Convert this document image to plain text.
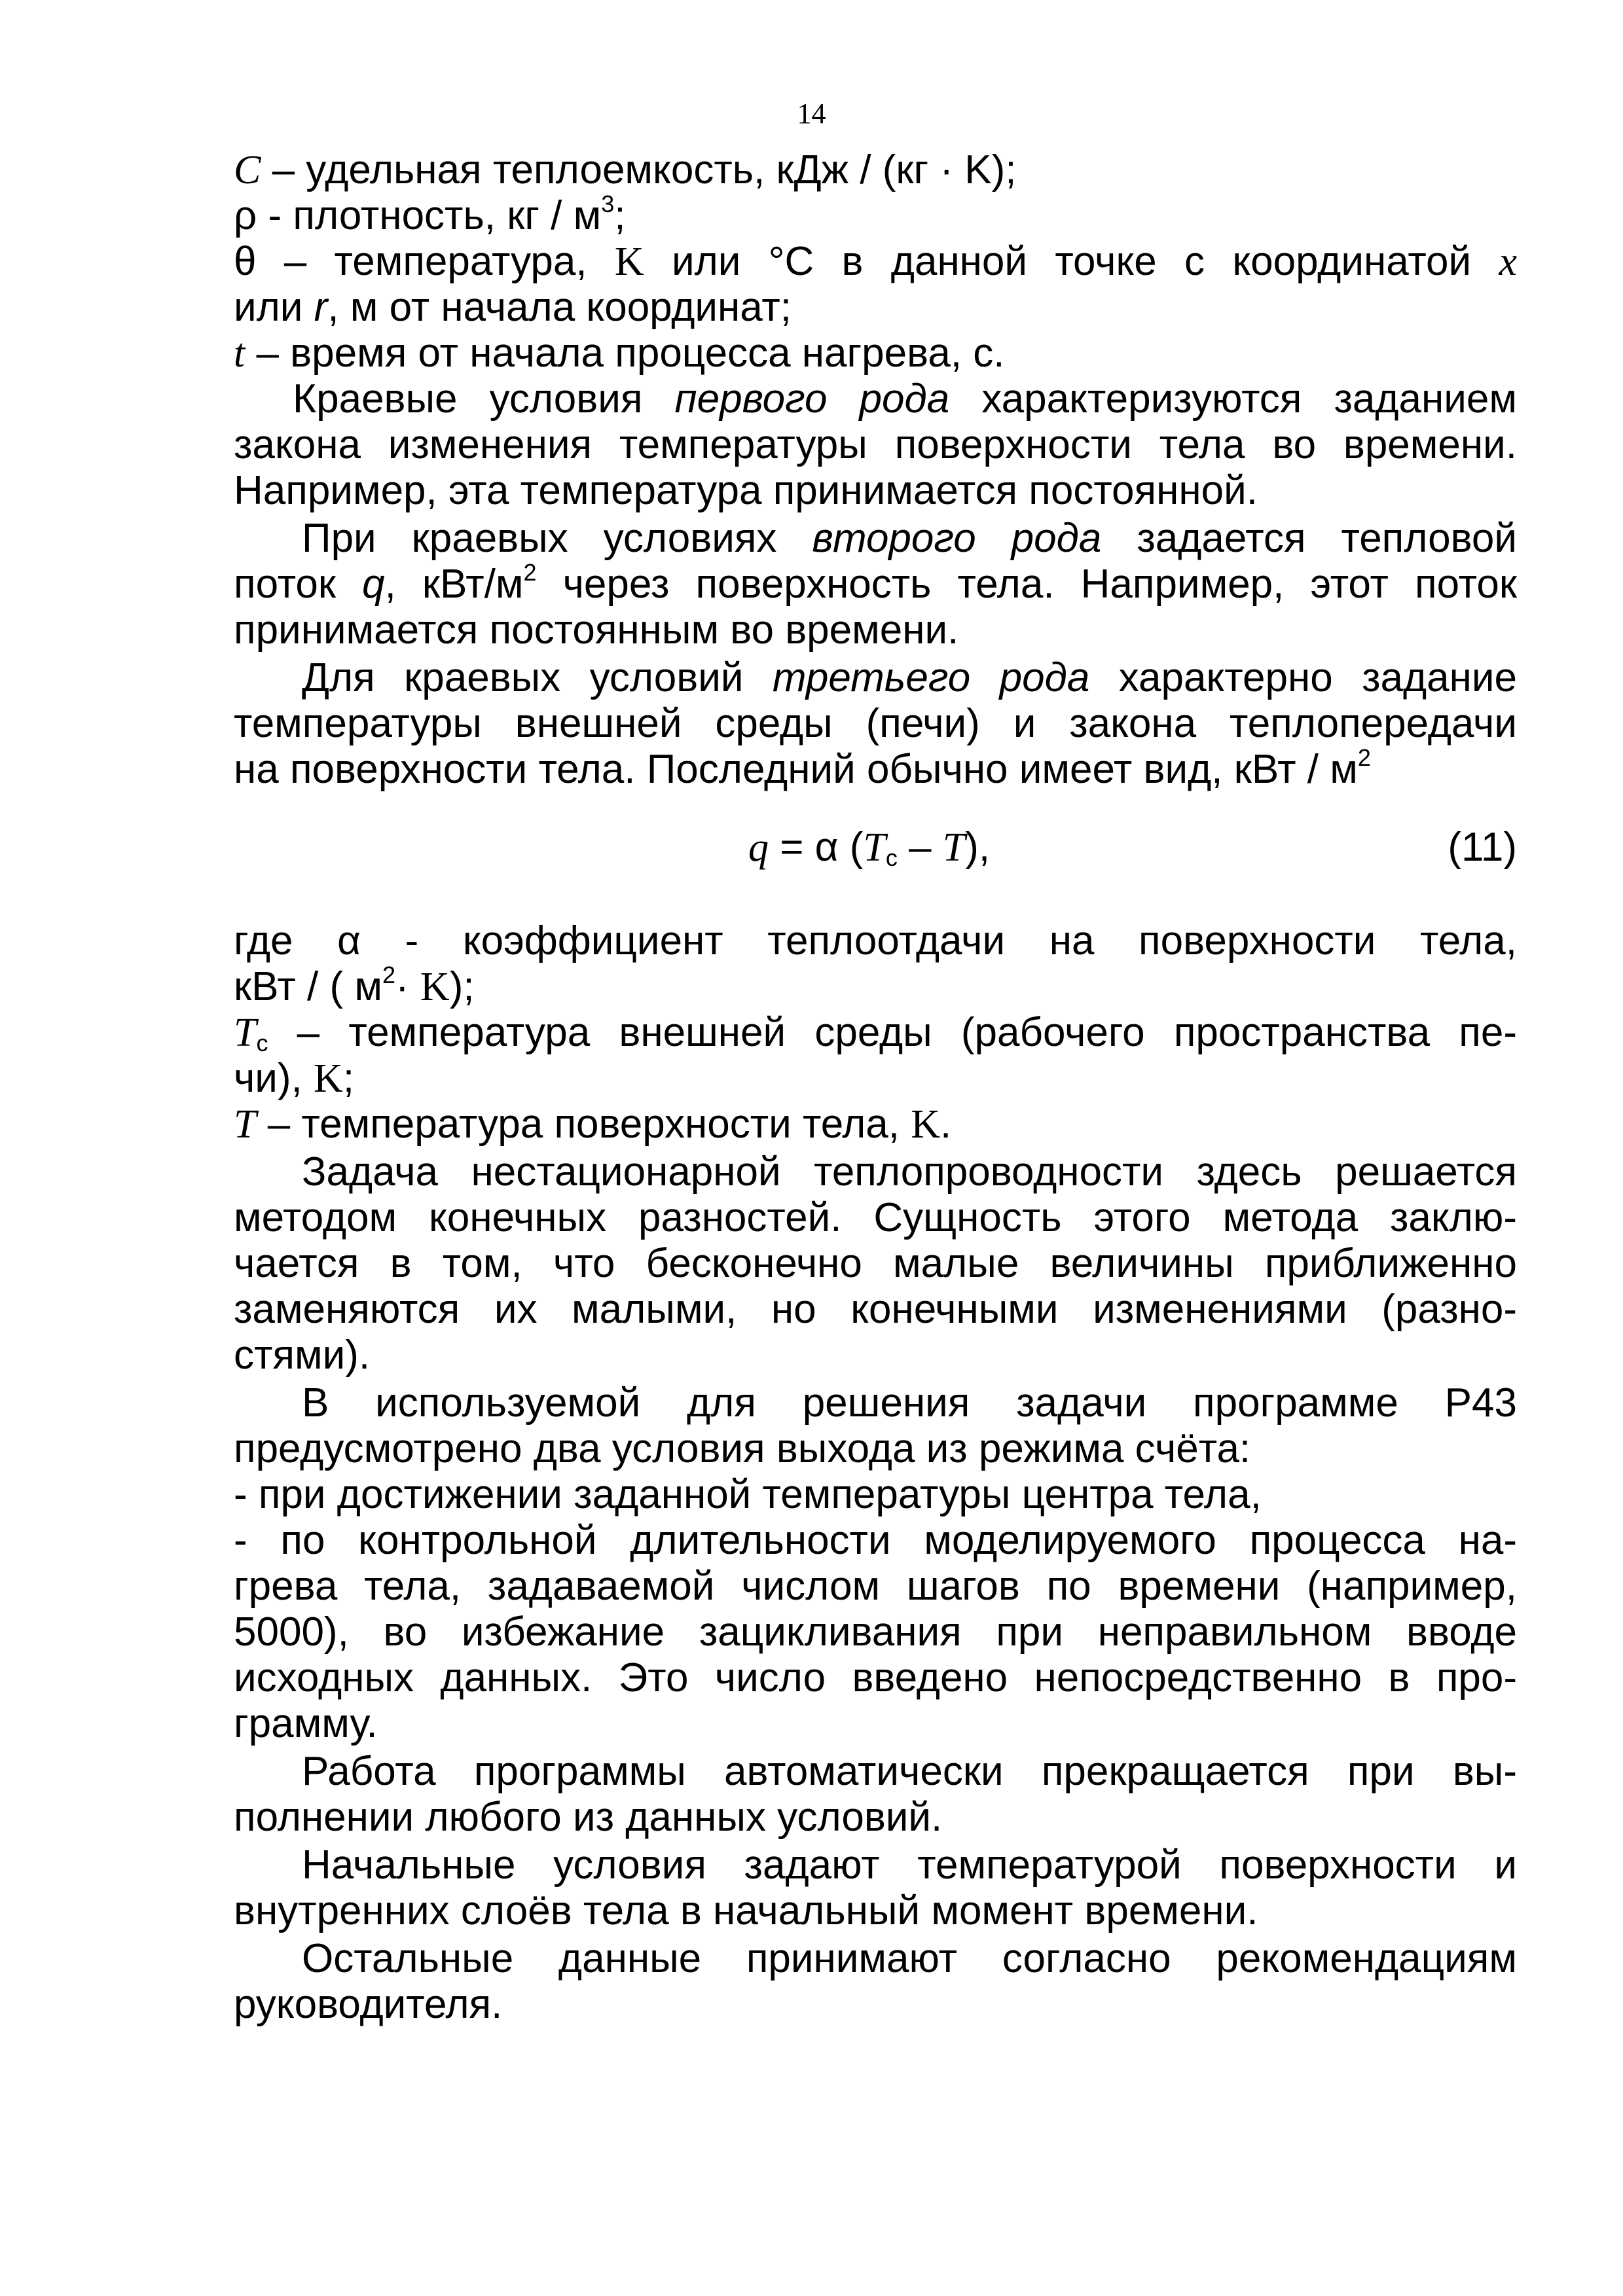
14
C – удельная теплоемкость, кДж / (кг · K);
ρ - плотность, кг / $м^3$;
θ – температура, K или °С в данной точке с координатой x
или r, м от начала координат;
t – время от начала процесса нагрева, с.
Краевые условия первого рода характеризуются заданием
закона изменения температуры поверхности тела во времени.
Например, эта температура принимается постоянной.
При краевых условиях второго рода задается тепловой
поток q, кВт/$м^2$ через поверхность тела. Например, этот поток
принимается постоянным во времени.
Для краевых условий третьего рода характерно задание
температуры внешней среды (печи) и закона теплопередачи
на поверхности тела. Последний обычно имеет вид, кВт / $м^2$
q = α $(T_с - T)$,	(11)
где α - коэффициент теплоотдачи на поверхности тела,
кВт / ( $м^2\cdot K$);
$T_с$ – температура внешней среды (рабочего пространства пе-
чи), K;
T – температура поверхности тела, K.
Задача нестационарной теплопроводности здесь решается
методом конечных разностей. Сущность этого метода заклю-
чается в том, что бесконечно малые величины приближенно
заменяются их малыми, но конечными изменениями (разно-
стями).
В используемой для решения задачи программе Р43
предусмотрено два условия выхода из режима счёта:
- при достижении заданной температуры центра тела,
- по контрольной длительности моделируемого процесса на-
грева тела, задаваемой числом шагов по времени (например,
5000), во избежание зацикливания при неправильном вводе
исходных данных. Это число введено непосредственно в про-
грамму.
Работа программы автоматически прекращается при вы-
полнении любого из данных условий.
Начальные условия задают температурой поверхности и
внутренних слоёв тела в начальный момент времени.
Остальные данные принимают согласно рекомендациям
руководителя.
